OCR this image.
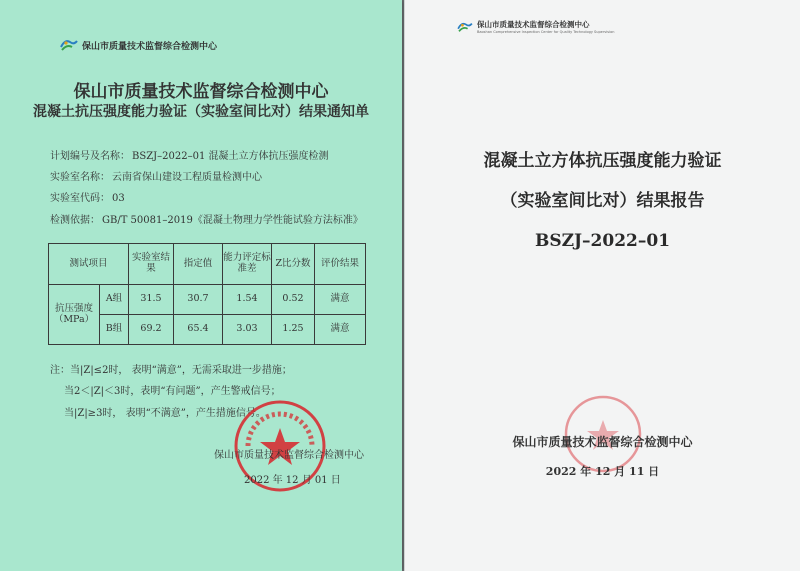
保山市质量技术监督综合检测中心
保山市质量技术监督综合检测中心
混凝土抗压强度能力验证（实验室间比对）结果通知单
计划编号及名称： BSZJ–2022–01 混凝土立方体抗压强度检测
实验室名称： 云南省保山建设工程质量检测中心
实验室代码： 03
检测依据： GB/T 50081–2019《混凝土物理力学性能试验方法标准》
测试项目		实验室结果	指定值	能力评定标准差	Z比分数	评价结果
抗压强度（MPa）	A组	31.5	30.7	1.54	0.52	满意
	B组	69.2	65.4	3.03	1.25	满意
注：当|Z|≤2时， 表明“满意”，无需采取进一步措施；
当2＜|Z|＜3时，表明“有问题”，产生警戒信号；
当|Z|≥3时， 表明“不满意”，产生措施信号。
保山市质量技术监督综合检测中心
2022 年 12 月 01 日
保山市质量技术监督综合检测中心
Baoshan Comprehensive Inspection Center for Quality Technology Supervision
混凝土立方体抗压强度能力验证
（实验室间比对）结果报告
BSZJ–2022–01
保山市质量技术监督综合检测中心
2022 年 12 月 11 日
